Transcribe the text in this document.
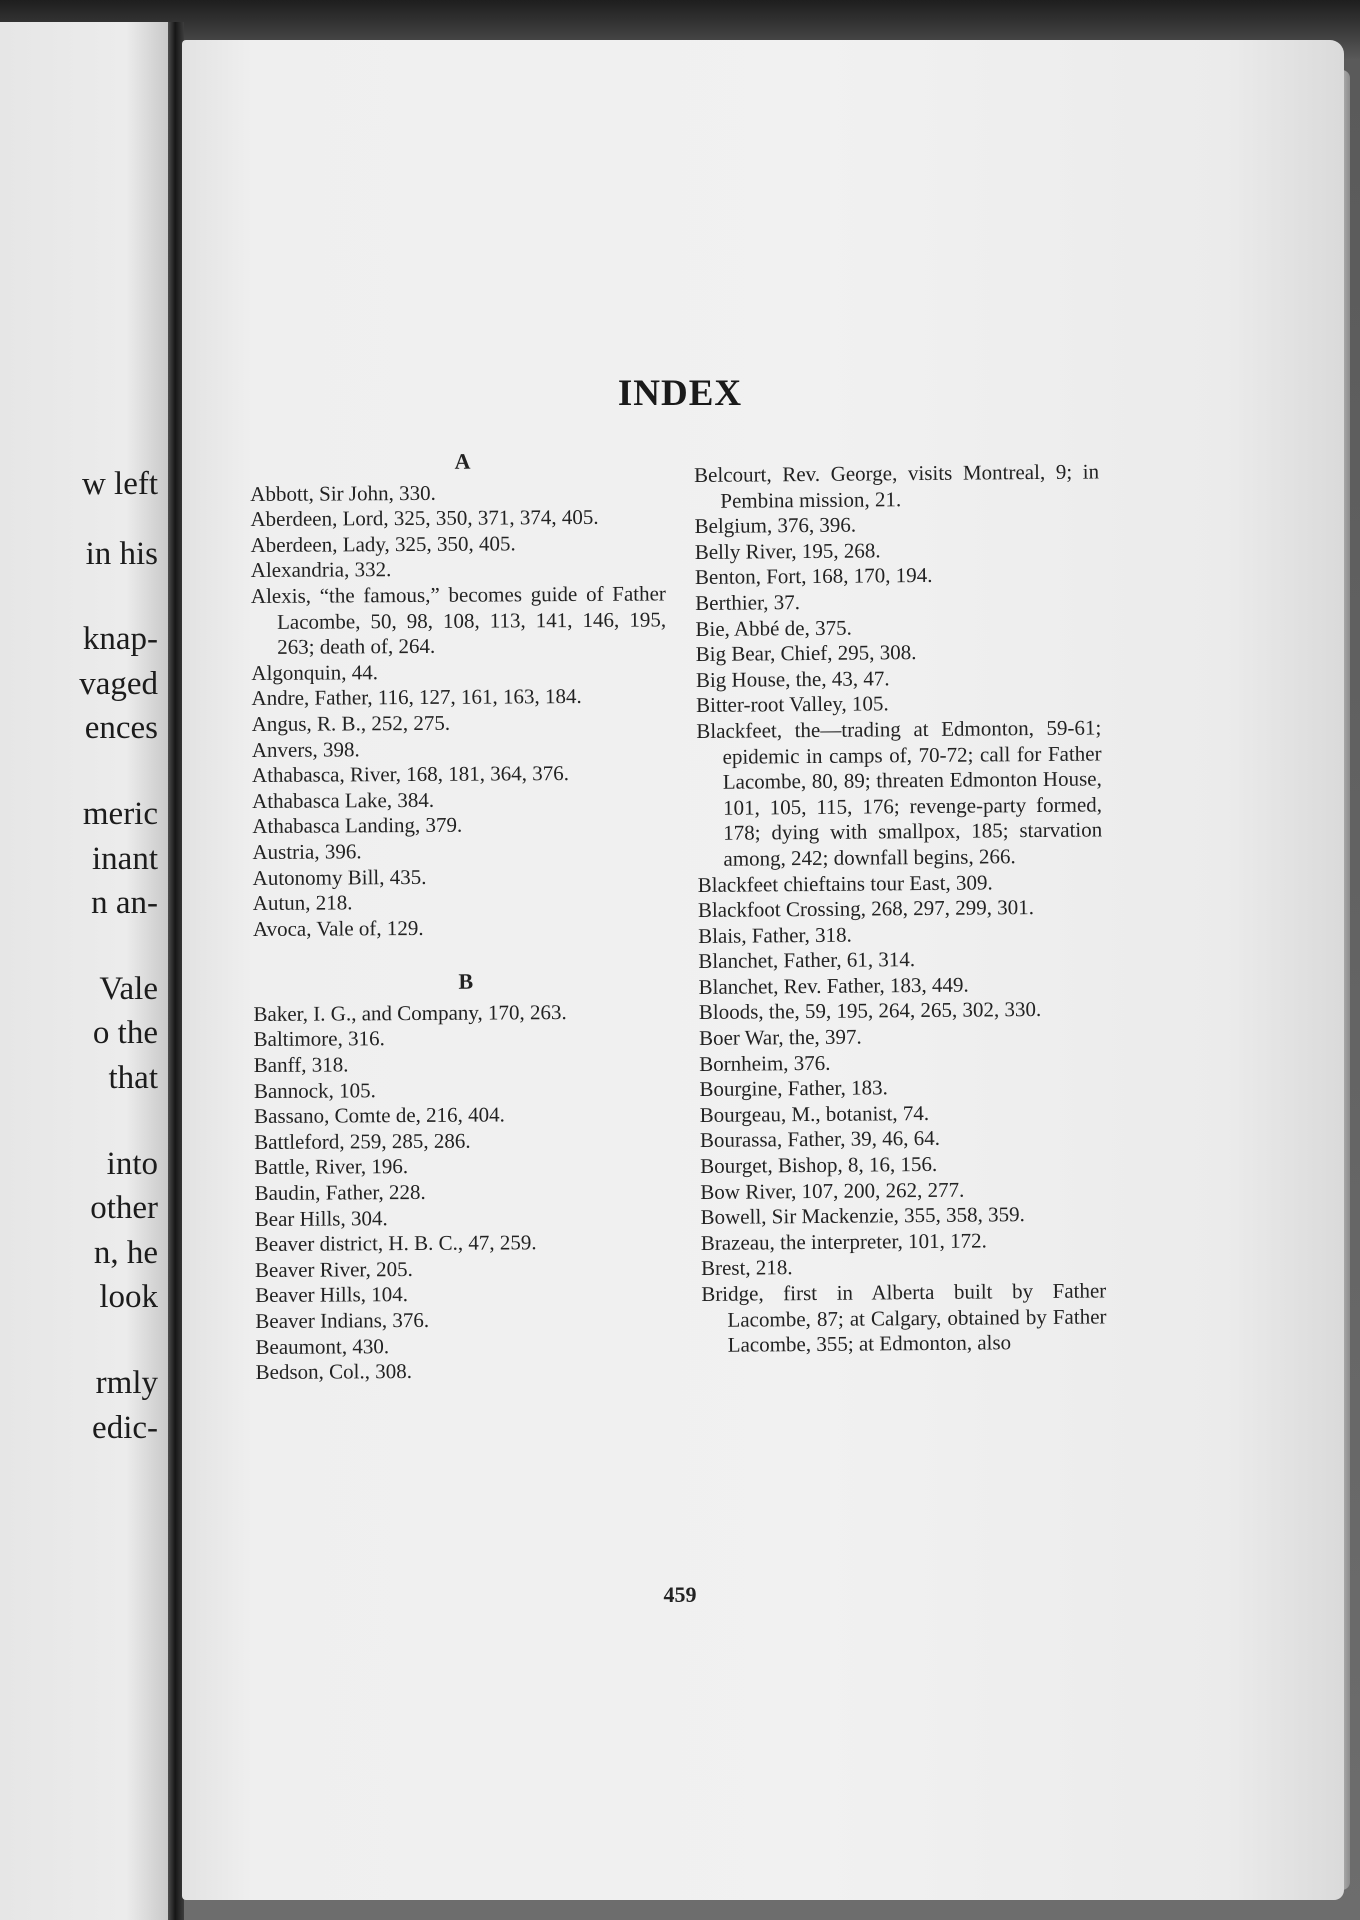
w left
in his
knap-
vaged
ences
meric
inant
n an-
Vale
o the
that
into
other
n, he
look
rmly
edic-
INDEX
A

Abbott, Sir John, 330.

Aberdeen, Lord, 325, 350, 371, 374, 405.

Aberdeen, Lady, 325, 350, 405.

Alexandria, 332.

Alexis, “the famous,” becomes guide of Father Lacombe, 50, 98, 108, 113, 141, 146, 195, 263; death of, 264.

Algonquin, 44.

Andre, Father, 116, 127, 161, 163, 184.

Angus, R. B., 252, 275.

Anvers, 398.

Athabasca, River, 168, 181, 364, 376.

Athabasca Lake, 384.

Athabasca Landing, 379.

Austria, 396.

Autonomy Bill, 435.

Autun, 218.

Avoca, Vale of, 129.

B

Baker, I. G., and Company, 170, 263.

Baltimore, 316.

Banff, 318.

Bannock, 105.

Bassano, Comte de, 216, 404.

Battleford, 259, 285, 286.

Battle, River, 196.

Baudin, Father, 228.

Bear Hills, 304.

Beaver district, H. B. C., 47, 259.

Beaver River, 205.

Beaver Hills, 104.

Beaver Indians, 376.

Beaumont, 430.

Bedson, Col., 308.

Belcourt, Rev. George, visits Montreal, 9; in Pembina mission, 21.

Belgium, 376, 396.

Belly River, 195, 268.

Benton, Fort, 168, 170, 194.

Berthier, 37.

Bie, Abbé de, 375.

Big Bear, Chief, 295, 308.

Big House, the, 43, 47.

Bitter-root Valley, 105.

Blackfeet, the—trading at Edmonton, 59-61; epidemic in camps of, 70-72; call for Father Lacombe, 80, 89; threaten Edmonton House, 101, 105, 115, 176; revenge-party formed, 178; dying with smallpox, 185; starvation among, 242; downfall begins, 266.

Blackfeet chieftains tour East, 309.

Blackfoot Crossing, 268, 297, 299, 301.

Blais, Father, 318.

Blanchet, Father, 61, 314.

Blanchet, Rev. Father, 183, 449.

Bloods, the, 59, 195, 264, 265, 302, 330.

Boer War, the, 397.

Bornheim, 376.

Bourgine, Father, 183.

Bourgeau, M., botanist, 74.

Bourassa, Father, 39, 46, 64.

Bourget, Bishop, 8, 16, 156.

Bow River, 107, 200, 262, 277.

Bowell, Sir Mackenzie, 355, 358, 359.

Brazeau, the interpreter, 101, 172.

Brest, 218.

Bridge, first in Alberta built by Father Lacombe, 87; at Calgary, obtained by Father Lacombe, 355; at Edmonton, also

459
